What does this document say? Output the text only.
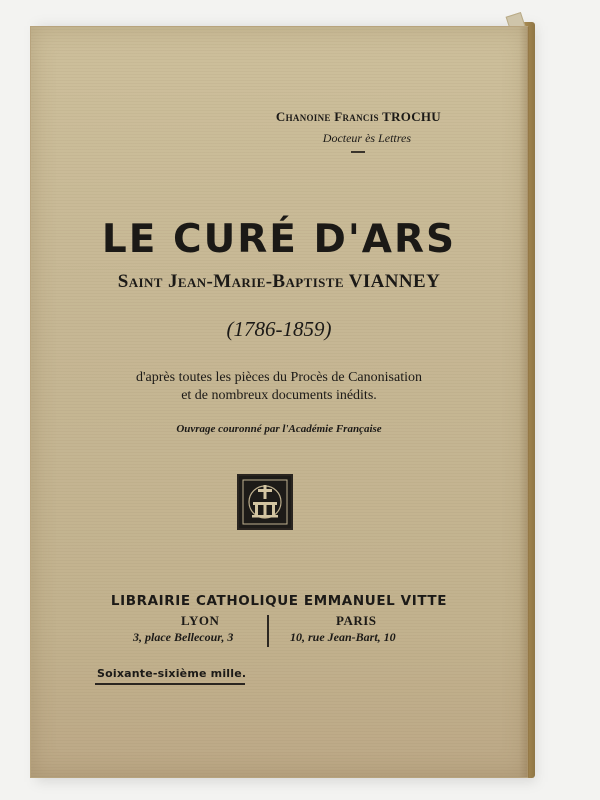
Chanoine Francis TROCHU
Docteur ès Lettres
LE CURÉ D'ARS
Saint Jean-Marie-Baptiste VIANNEY
(1786-1859)
d'après toutes les pièces du Procès de Canonisation
et de nombreux documents inédits.
Ouvrage couronné par l'Académie Française
LIBRAIRIE CATHOLIQUE EMMANUEL VITTE
LYON
3, place Bellecour, 3
PARIS
10, rue Jean-Bart, 10
Soixante-sixième mille.
